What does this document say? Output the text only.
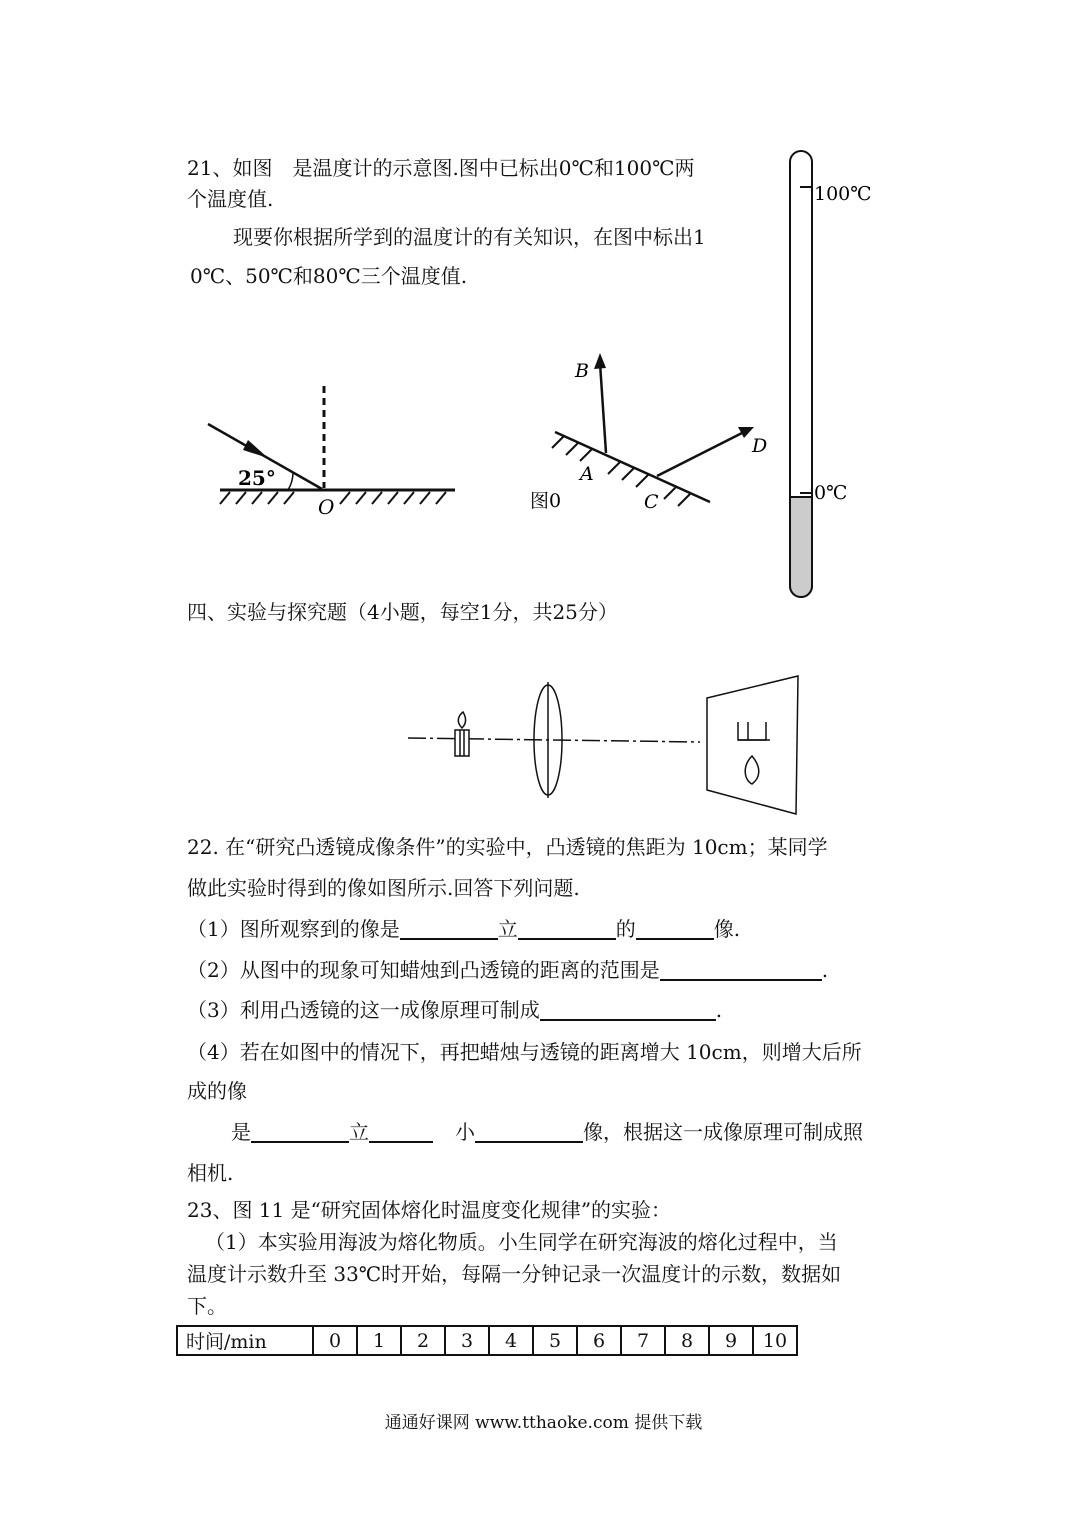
21、如图　是温度计的示意图.图中已标出0℃和100℃两
个温度值.
现要你根据所学到的温度计的有关知识，在图中标出1
0℃、50℃和80℃三个温度值.
100℃
0℃
25°
O
B
A
C
D
图0
四、实验与探究题（4小题，每空1分，共25分）
22. 在“研究凸透镜成像条件”的实验中，凸透镜的焦距为 10cm；某同学
做此实验时得到的像如图所示.回答下列问题.
（1）图所观察到的像是	立	的	像.
（2）从图中的现象可知蜡烛到凸透镜的距离的范围是	.
（3）利用凸透镜的这一成像原理可制成	.
（4）若在如图中的情况下，再把蜡烛与透镜的距离增大 10cm，则增大后所
成的像
是	立	小	像，根据这一成像原理可制成照
相机.
23、图 11 是“研究固体熔化时温度变化规律”的实验：
（1）本实验用海波为熔化物质。小生同学在研究海波的熔化过程中，当
温度计示数升至 33℃时开始，每隔一分钟记录一次温度计的示数，数据如
下。
时间/min	0	1	2	3	4	5	6	7	8	9	10
通通好课网 www.tthaoke.com 提供下载
